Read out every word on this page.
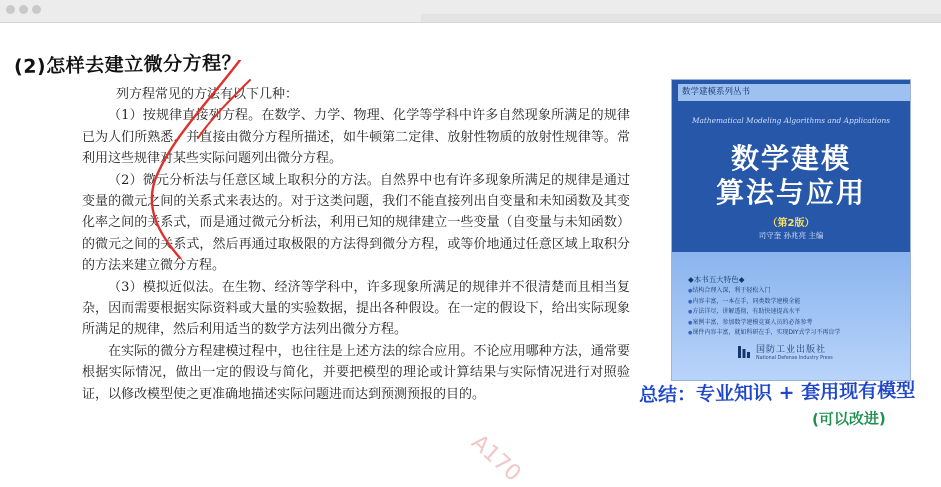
(2)怎样去建立微分方程？

列方程常见的方法有以下几种：

（1）按规律直接列方程。在数学、力学、物理、化学等学科中许多自然现象所满足的规律已为人们所熟悉，并直接由微分方程所描述，如牛顿第二定律、放射性物质的放射性规律等。常利用这些规律对某些实际问题列出微分方程。

（2）微元分析法与任意区域上取积分的方法。自然界中也有许多现象所满足的规律是通过变量的微元之间的关系式来表达的。对于这类问题，我们不能直接列出自变量和未知函数及其变化率之间的关系式，而是通过微元分析法，利用已知的规律建立一些变量（自变量与未知函数）的微元之间的关系式，然后再通过取极限的方法得到微分方程，或等价地通过任意区域上取积分的方法来建立微分方程。

（3）模拟近似法。在生物、经济等学科中，许多现象所满足的规律并不很清楚而且相当复杂，因而需要根据实际资料或大量的实验数据，提出各种假设。在一定的假设下，给出实际现象所满足的规律，然后利用适当的数学方法列出微分方程。

在实际的微分方程建模过程中，也往往是上述方法的综合应用。不论应用哪种方法，通常要根据实际情况，做出一定的假设与简化，并要把模型的理论或计算结果与实际情况进行对照验证，以修改模型使之更准确地描述实际问题进而达到预测预报的目的。

数学建模系列丛书
Mathematical Modeling Algorithms and Applications
数学建模
算法与应用
（第2版）
司守奎 孙兆亮 主编
◆本书五大特色◆
● 结构合理入深，利于轻松入门
● 内容丰富，一本在手，同类数学建模全能
● 方法详尽，讲解透彻，有助快速提高水平
● 案例丰富，参加数学建模竞赛人员的必备参考
● 课件内容丰富，就如科研在手，实现DIY式学习不再盲学
国防工业出版社
National Defense Industry Press
总结：专业知识 + 套用现有模型
(可以改进)
A170
